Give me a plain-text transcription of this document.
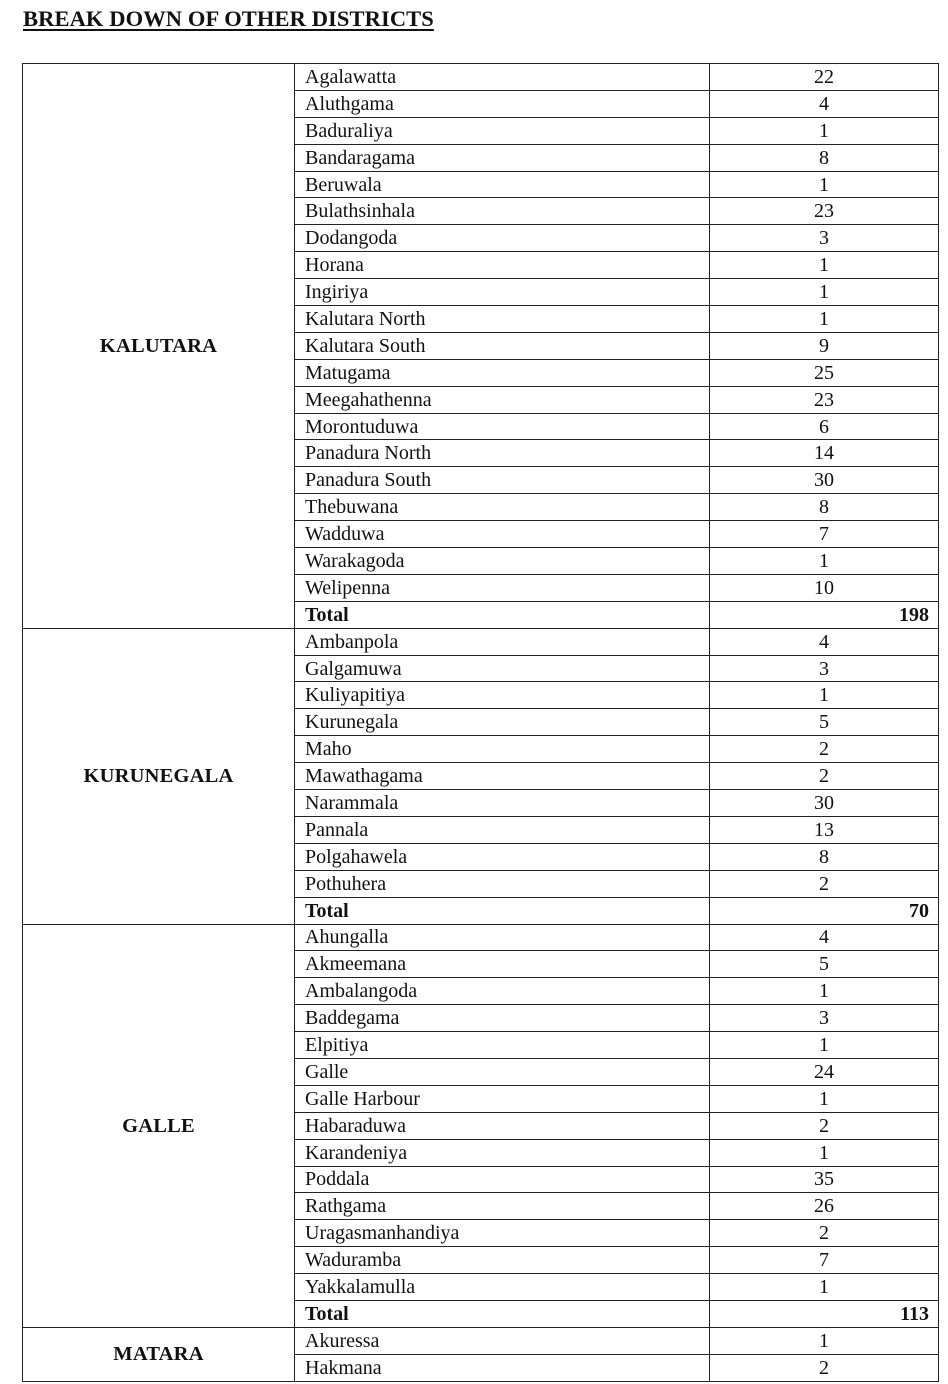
BREAK DOWN OF OTHER DISTRICTS
KALUTARA	Agalawatta	22
	Aluthgama	4
	Baduraliya	1
	Bandaragama	8
	Beruwala	1
	Bulathsinhala	23
	Dodangoda	3
	Horana	1
	Ingiriya	1
	Kalutara North	1
	Kalutara South	9
	Matugama	25
	Meegahathenna	23
	Morontuduwa	6
	Panadura North	14
	Panadura South	30
	Thebuwana	8
	Wadduwa	7
	Warakagoda	1
	Welipenna	10
	Total	198
KURUNEGALA	Ambanpola	4
	Galgamuwa	3
	Kuliyapitiya	1
	Kurunegala	5
	Maho	2
	Mawathagama	2
	Narammala	30
	Pannala	13
	Polgahawela	8
	Pothuhera	2
	Total	70
GALLE	Ahungalla	4
	Akmeemana	5
	Ambalangoda	1
	Baddegama	3
	Elpitiya	1
	Galle	24
	Galle Harbour	1
	Habaraduwa	2
	Karandeniya	1
	Poddala	35
	Rathgama	26
	Uragasmanhandiya	2
	Waduramba	7
	Yakkalamulla	1
	Total	113
MATARA	Akuressa	1
	Hakmana	2
